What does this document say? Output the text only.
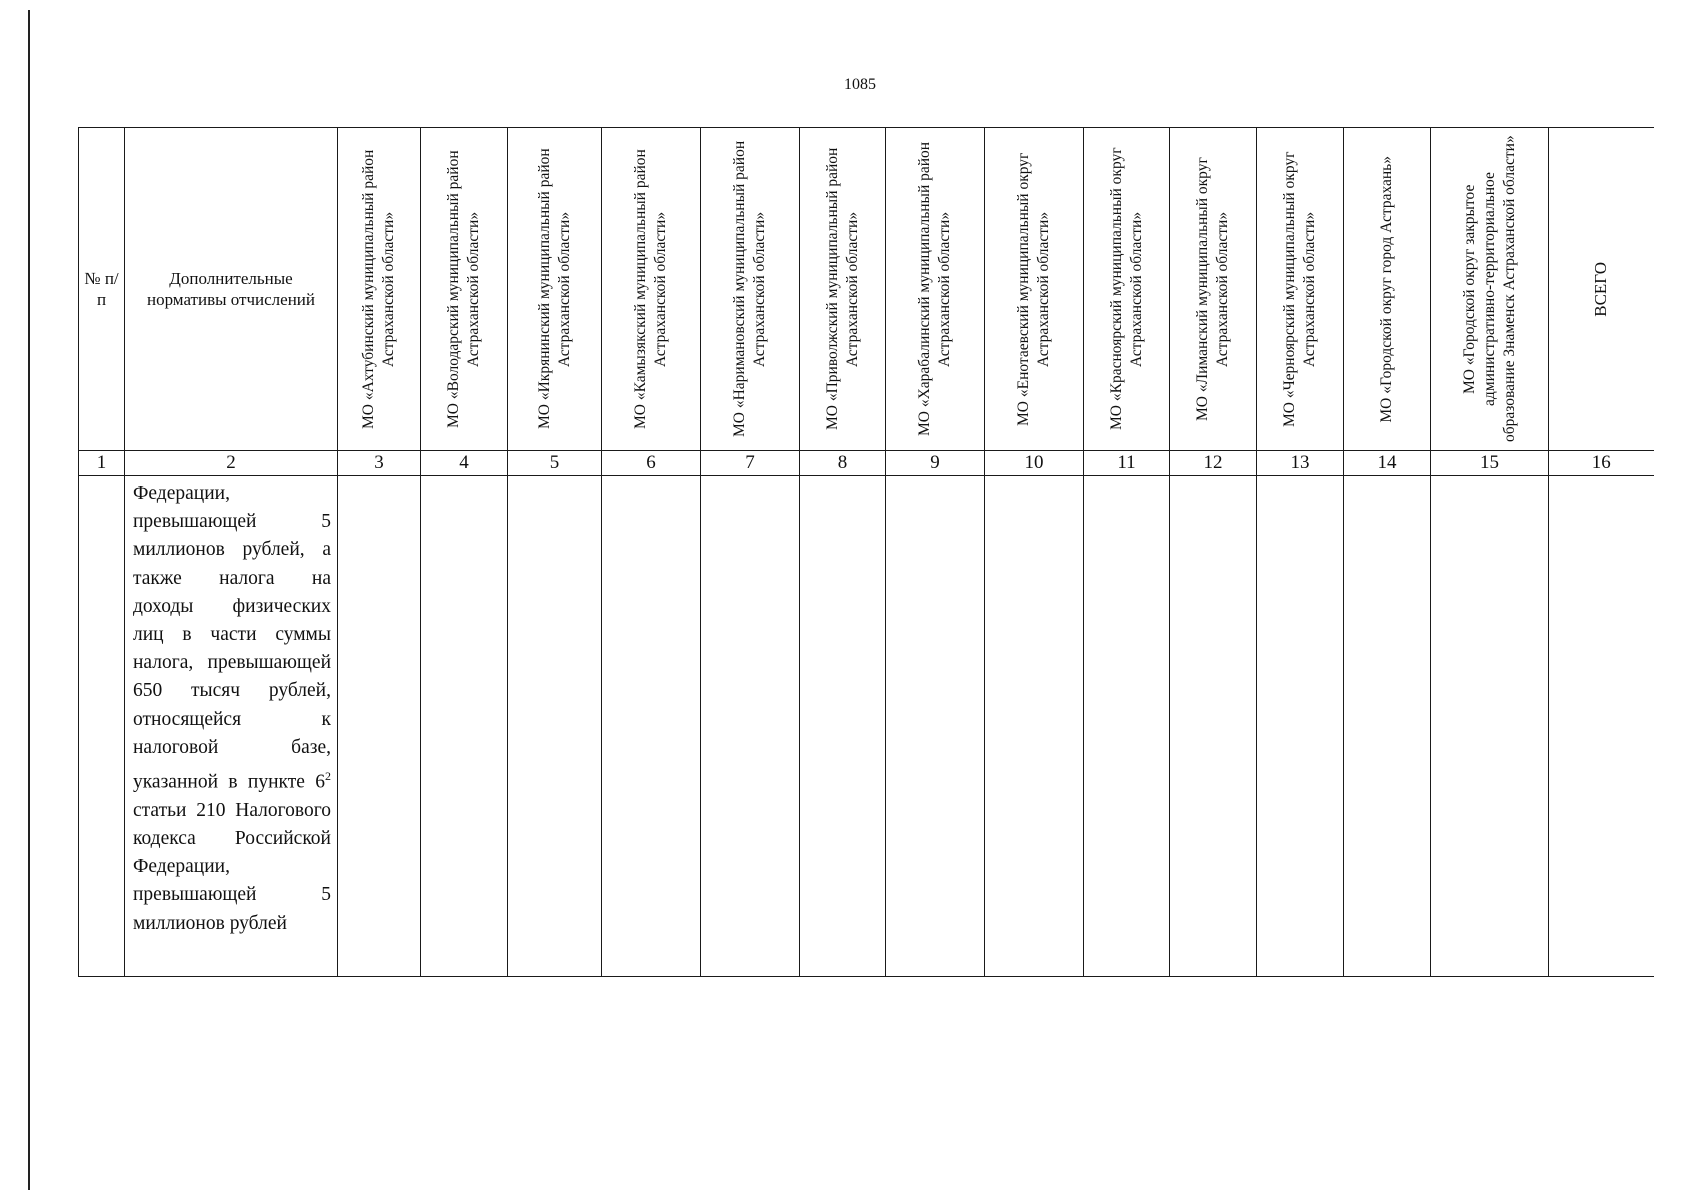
1085
№ п/п	Дополнительные нормативы отчислений	МО «Ахтубинский муниципальный район Астраханской области»	МО «Володарский муниципальный район Астраханской области»	МО «Икрянинский муниципальный район Астраханской области»	МО «Камызякский муниципальный район Астраханской области»	МО «Наримановский муниципальный район Астраханской области»	МО «Приволжский муниципальный район Астраханской области»	МО «Харабалинский муниципальный район Астраханской области»	МО «Енотаевский муниципальный округ Астраханской области»	МО «Красноярский муниципальный округ Астраханской области»	МО «Лиманский муниципальный округ Астраханской области»	МО «Черноярский муниципальный округ Астраханской области»	МО «Городской округ город Астрахань»	МО «Городской округ закрытое административно-территориальное образование Знаменск Астраханской области»	ВСЕГО

1	2	3	4	5	6	7	8	9	10	11	12	13	14	15	16

	Федерации, превышающей 5 миллионов рублей, а также налога на доходы физических лиц в части суммы налога, превышающей 650 тысяч рублей, относящейся к налоговой базе, указанной в пункте $6^2$ статьи 210 Налогового кодекса Российской Федерации, превышающей 5 миллионов рублей														
